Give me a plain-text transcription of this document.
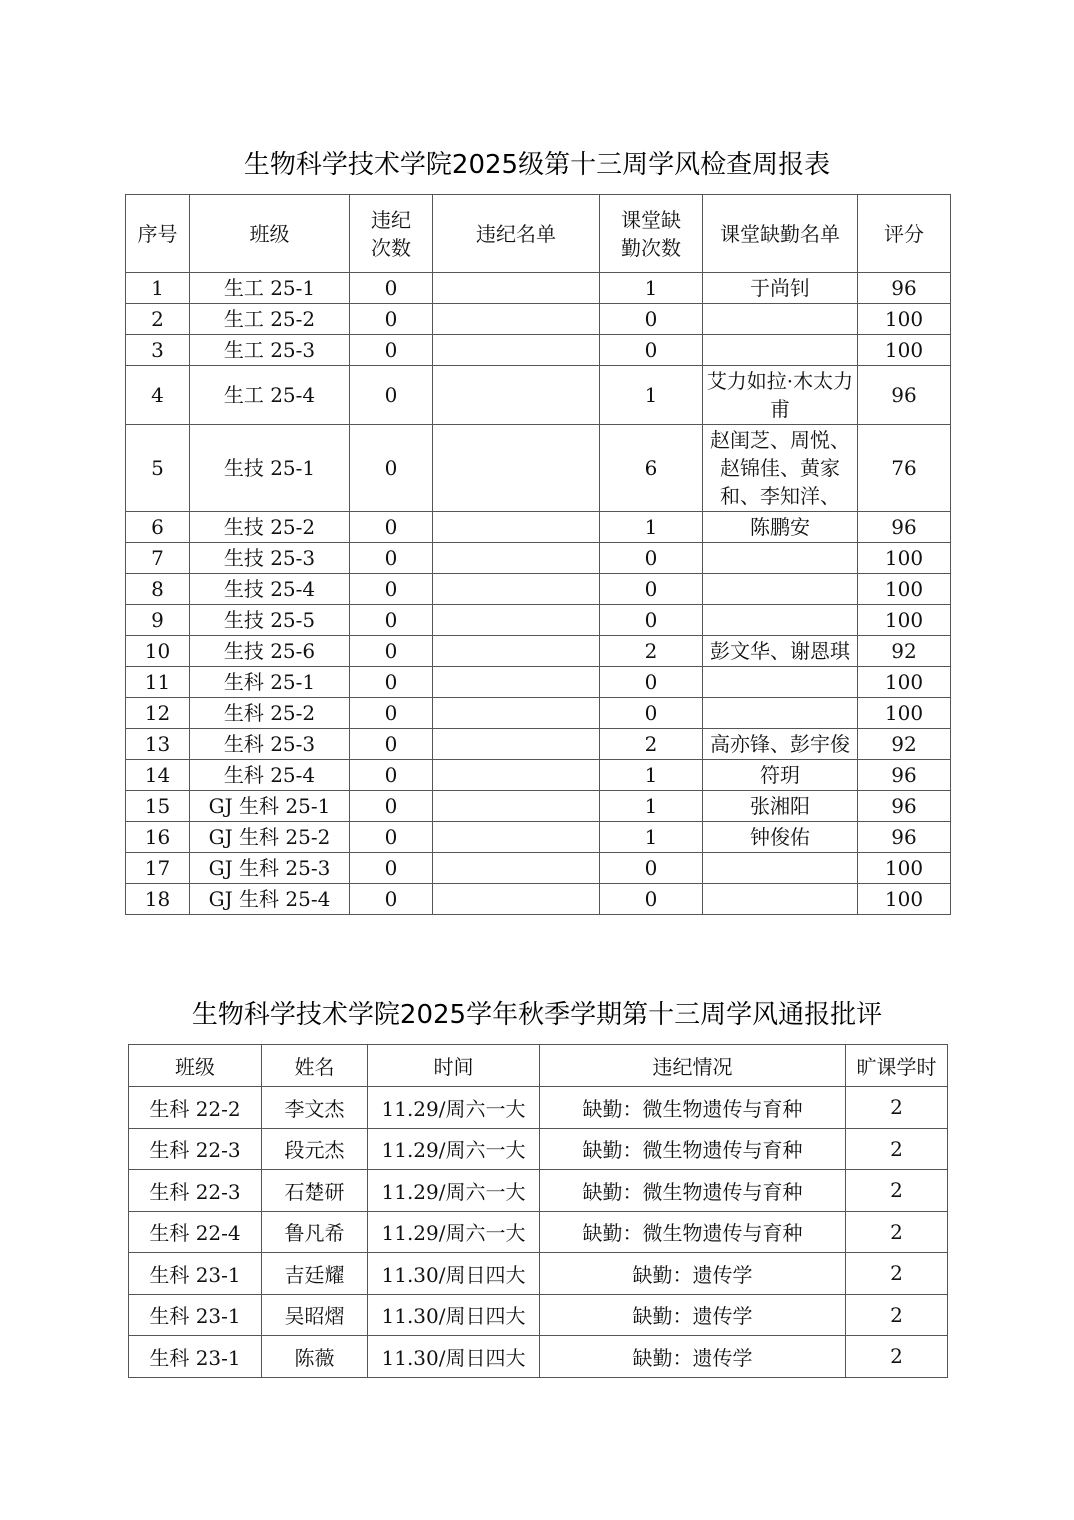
生物科学技术学院2025级第十三周学风检查周报表
序号	班级	违纪次数	违纪名单	课堂缺勤次数	课堂缺勤名单	评分
1	生工 25-1	0		1	于尚钊	96
2	生工 25-2	0		0		100
3	生工 25-3	0		0		100
4	生工 25-4	0		1	艾力如拉·木太力甫	96
5	生技 25-1	0		6	赵闺芝、周悦、赵锦佳、黄家和、李知洋、	76
6	生技 25-2	0		1	陈鹏安	96
7	生技 25-3	0		0		100
8	生技 25-4	0		0		100
9	生技 25-5	0		0		100
10	生技 25-6	0		2	彭文华、谢恩琪	92
11	生科 25-1	0		0		100
12	生科 25-2	0		0		100
13	生科 25-3	0		2	高亦锋、彭宇俊	92
14	生科 25-4	0		1	符玥	96
15	GJ 生科 25-1	0		1	张湘阳	96
16	GJ 生科 25-2	0		1	钟俊佑	96
17	GJ 生科 25-3	0		0		100
18	GJ 生科 25-4	0		0		100
生物科学技术学院2025学年秋季学期第十三周学风通报批评
班级	姓名	时间	违纪情况	旷课学时
生科 22-2	李文杰	11.29/周六一大	缺勤：微生物遗传与育种	2
生科 22-3	段元杰	11.29/周六一大	缺勤：微生物遗传与育种	2
生科 22-3	石楚研	11.29/周六一大	缺勤：微生物遗传与育种	2
生科 22-4	鲁凡希	11.29/周六一大	缺勤：微生物遗传与育种	2
生科 23-1	吉廷耀	11.30/周日四大	缺勤：遗传学	2
生科 23-1	吴昭熠	11.30/周日四大	缺勤：遗传学	2
生科 23-1	陈薇	11.30/周日四大	缺勤：遗传学	2
